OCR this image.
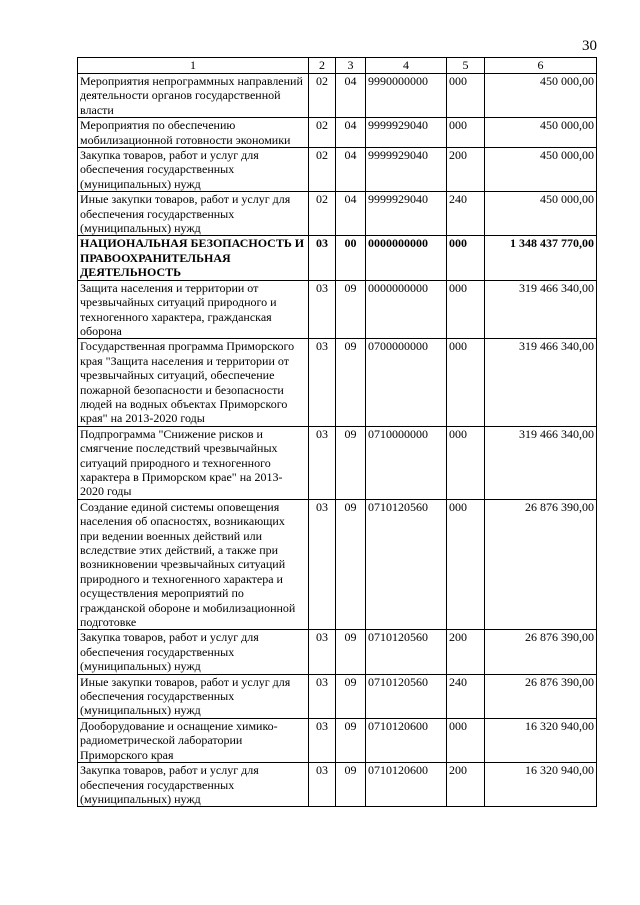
30
1	2	3	4	5	6
Мероприятия непрограммных направлений деятельности органов государственной власти	02	04	9990000000	000	450 000,00
Мероприятия по обеспечению мобилизационной готовности экономики	02	04	9999929040	000	450 000,00
Закупка товаров, работ и услуг для обеспечения государственных (муниципальных) нужд	02	04	9999929040	200	450 000,00
Иные закупки товаров, работ и услуг для обеспечения государственных (муниципальных) нужд	02	04	9999929040	240	450 000,00
НАЦИОНАЛЬНАЯ БЕЗОПАСНОСТЬ И ПРАВООХРАНИТЕЛЬНАЯ ДЕЯТЕЛЬНОСТЬ	03	00	0000000000	000	1 348 437 770,00
Защита населения и территории от чрезвычайных ситуаций природного и техногенного характера, гражданская оборона	03	09	0000000000	000	319 466 340,00
Государственная программа Приморского края "Защита населения и территории от чрезвычайных ситуаций, обеспечение пожарной безопасности и безопасности людей на водных объектах Приморского края" на 2013-2020 годы	03	09	0700000000	000	319 466 340,00
Подпрограмма "Снижение рисков и смягчение последствий чрезвычайных ситуаций природного и техногенного характера в Приморском крае" на 2013-2020 годы	03	09	0710000000	000	319 466 340,00
Создание единой системы оповещения населения об опасностях, возникающих при ведении военных действий или вследствие этих действий, а также при возникновении чрезвычайных ситуаций природного и техногенного характера и осуществления мероприятий по гражданской обороне и мобилизационной подготовке	03	09	0710120560	000	26 876 390,00
Закупка товаров, работ и услуг для обеспечения государственных (муниципальных) нужд	03	09	0710120560	200	26 876 390,00
Иные закупки товаров, работ и услуг для обеспечения государственных (муниципальных) нужд	03	09	0710120560	240	26 876 390,00
Дооборудование и оснащение химико-радиометрической лаборатории Приморского края	03	09	0710120600	000	16 320 940,00
Закупка товаров, работ и услуг для обеспечения государственных (муниципальных) нужд	03	09	0710120600	200	16 320 940,00
